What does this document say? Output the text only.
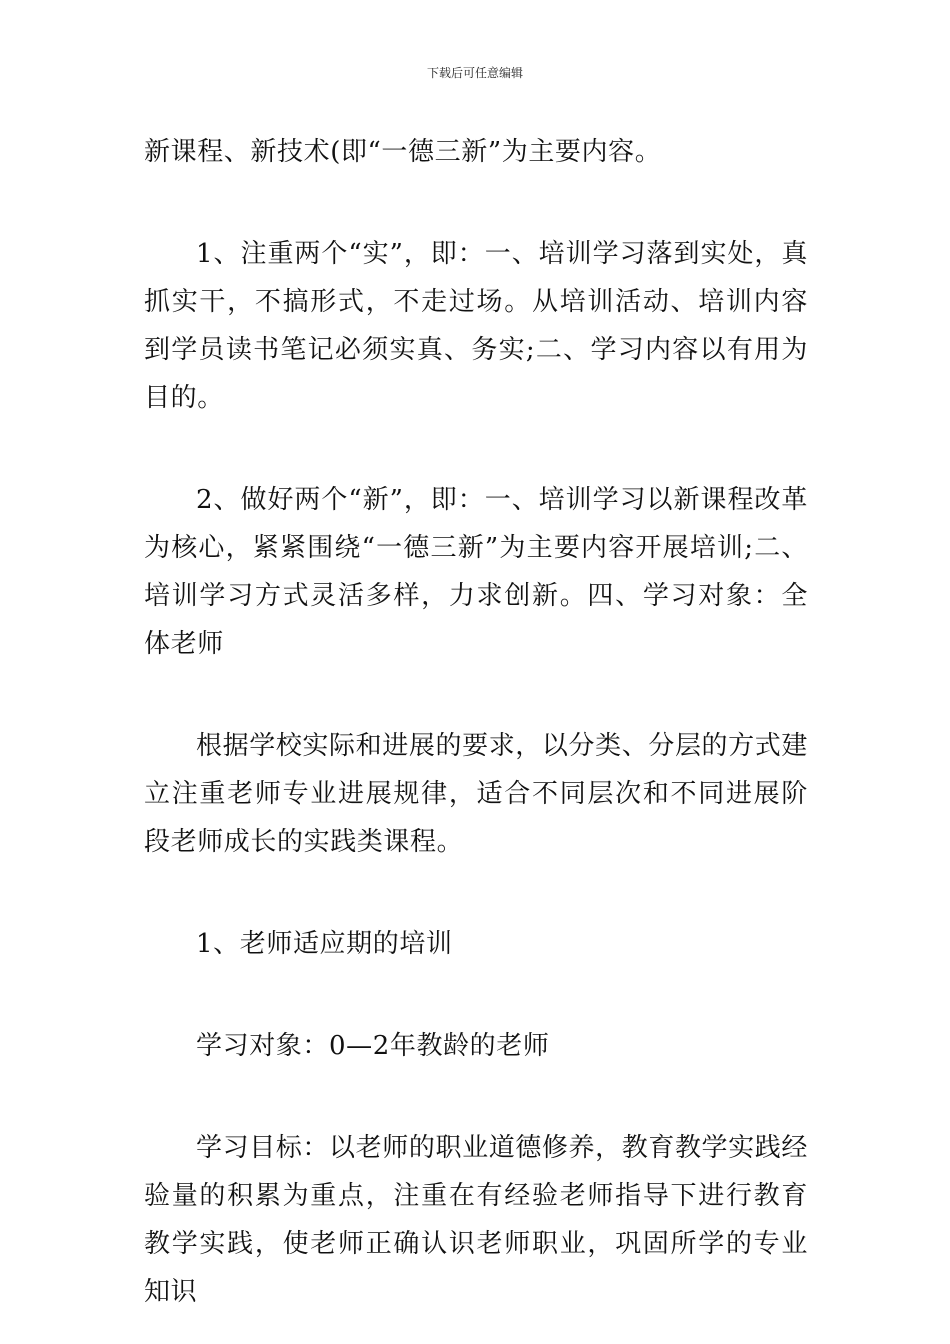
下载后可任意编辑

新课程、新技术(即“一德三新”为主要内容。

1、注重两个“实”，即：一、培训学习落到实处，真抓实干，不搞形式，不走过场。从培训活动、培训内容到学员读书笔记必须实真、务实;二、学习内容以有用为目的。

2、做好两个“新”，即：一、培训学习以新课程改革为核心，紧紧围绕“一德三新”为主要内容开展培训;二、培训学习方式灵活多样，力求创新。四、学习对象：全体老师

根据学校实际和进展的要求，以分类、分层的方式建立注重老师专业进展规律，适合不同层次和不同进展阶段老师成长的实践类课程。

1、老师适应期的培训

学习对象：0—2年教龄的老师

学习目标：以老师的职业道德修养，教育教学实践经验量的积累为重点，注重在有经验老师指导下进行教育教学实践，使老师正确认识老师职业，巩固所学的专业知识
